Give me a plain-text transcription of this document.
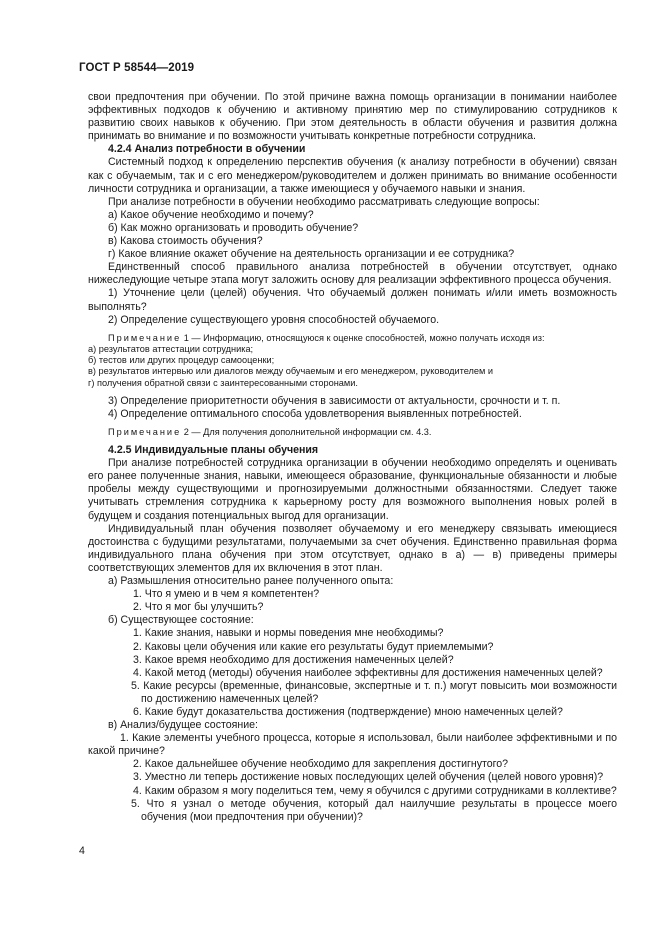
ГОСТ Р 58544—2019

свои предпочтения при обучении. По этой причине важна помощь организации в понимании наиболее эффективных подходов к обучению и активному принятию мер по стимулированию сотрудников к развитию своих навыков к обучению. При этом деятельность в области обучения и развития должна принимать во внимание и по возможности учитывать конкретные потребности сотрудника.

4.2.4 Анализ потребности в обучении

Системный подход к определению перспектив обучения (к анализу потребности в обучении) связан как с обучаемым, так и с его менеджером/руководителем и должен принимать во внимание особенности личности сотрудника и организации, а также имеющиеся у обучаемого навыки и знания.

При анализе потребности в обучении необходимо рассматривать следующие вопросы:

а) Какое обучение необходимо и почему?

б) Как можно организовать и проводить обучение?

в) Какова стоимость обучения?

г) Какое влияние окажет обучение на деятельность организации и ее сотрудника?

Единственный способ правильного анализа потребностей в обучении отсутствует, однако нижеследующие четыре этапа могут заложить основу для реализации эффективного процесса обучения.

1) Уточнение цели (целей) обучения. Что обучаемый должен понимать и/или иметь возможность выполнять?

2) Определение существующего уровня способностей обучаемого.

Примечание 1 — Информацию, относящуюся к оценке способностей, можно получать исходя из:

а) результатов аттестации сотрудника;

б) тестов или других процедур самооценки;

в) результатов интервью или диалогов между обучаемым и его менеджером, руководителем и

г) получения обратной связи с заинтересованными сторонами.

3) Определение приоритетности обучения в зависимости от актуальности, срочности и т. п.

4) Определение оптимального способа удовлетворения выявленных потребностей.

Примечание 2 — Для получения дополнительной информации см. 4.3.

4.2.5 Индивидуальные планы обучения

При анализе потребностей сотрудника организации в обучении необходимо определять и оценивать его ранее полученные знания, навыки, имеющееся образование, функциональные обязанности и любые пробелы между существующими и прогнозируемыми должностными обязанностями. Следует также учитывать стремления сотрудника к карьерному росту для возможного выполнения новых ролей в будущем и создания потенциальных выгод для организации.

Индивидуальный план обучения позволяет обучаемому и его менеджеру связывать имеющиеся достоинства с будущими результатами, получаемыми за счет обучения. Единственно правильная форма индивидуального плана обучения при этом отсутствует, однако в а) — в) приведены примеры соответствующих элементов для их включения в этот план.

а) Размышления относительно ранее полученного опыта:

1. Что я умею и в чем я компетентен?

2. Что я мог бы улучшить?

б) Существующее состояние:

1. Какие знания, навыки и нормы поведения мне необходимы?

2. Каковы цели обучения или какие его результаты будут приемлемыми?

3. Какое время необходимо для достижения намеченных целей?

4. Какой метод (методы) обучения наиболее эффективны для достижения намеченных целей?

5. Какие ресурсы (временные, финансовые, экспертные и т. п.) могут повысить мои возможности по достижению намеченных целей?

6. Какие будут доказательства достижения (подтверждение) мною намеченных целей?

в) Анализ/будущее состояние:

1. Какие элементы учебного процесса, которые я использовал, были наиболее эффективными и по какой причине?

2. Какое дальнейшее обучение необходимо для закрепления достигнутого?

3. Уместно ли теперь достижение новых последующих целей обучения (целей нового уровня)?

4. Каким образом я могу поделиться тем, чему я обучился с другими сотрудниками в коллективе?

5. Что я узнал о методе обучения, который дал наилучшие результаты в процессе моего обучения (мои предпочтения при обучении)?

4
